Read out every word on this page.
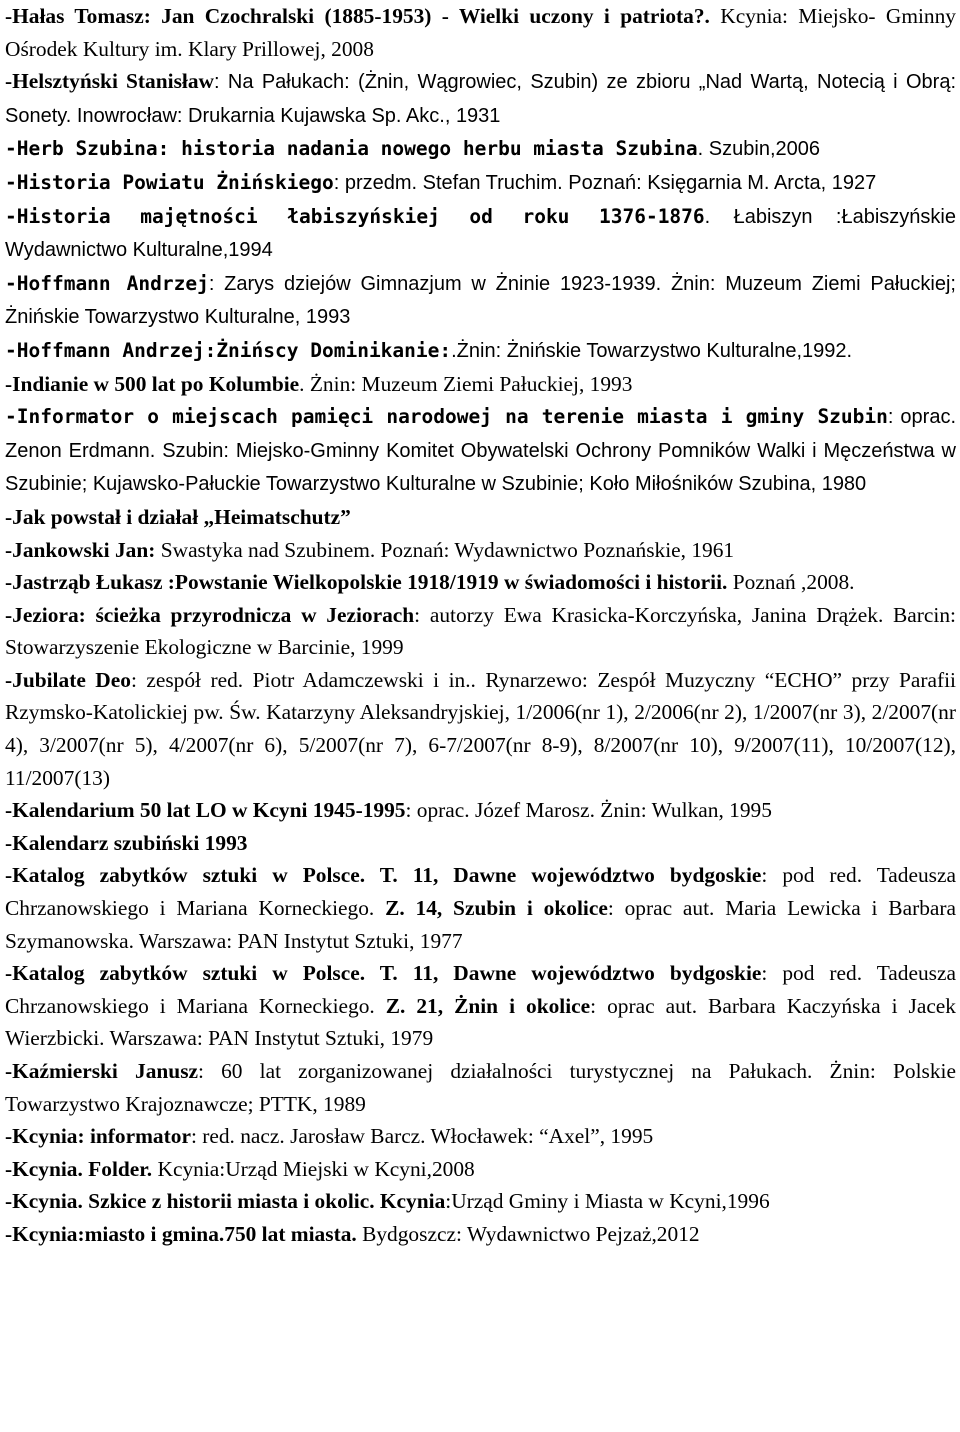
-Hałas Tomasz: Jan Czochralski (1885-1953) - Wielki uczony i patriota?. Kcynia: Miejsko- Gminny Ośrodek Kultury im. Klary Prillowej, 2008

-Helsztyński Stanisław: Na Pałukach: (Żnin, Wągrowiec, Szubin) ze zbioru „Nad Wartą, Notecią i Obrą: Sonety. Inowrocław: Drukarnia Kujawska Sp. Akc., 1931

-Herb Szubina: historia nadania nowego herbu miasta Szubina. Szubin,2006

-Historia Powiatu Żnińskiego: przedm. Stefan Truchim. Poznań: Księgarnia M. Arcta, 1927

-Historia majętności łabiszyńskiej od roku 1376-1876. Łabiszyn :Łabiszyńskie Wydawnictwo Kulturalne,1994

-Hoffmann Andrzej: Zarys dziejów Gimnazjum w Żninie 1923-1939. Żnin: Muzeum Ziemi Pałuckiej; Żnińskie Towarzystwo Kulturalne, 1993

-Hoffmann Andrzej:Żnińscy Dominikanie:.Żnin: Żnińskie Towarzystwo Kulturalne,1992.

-Indianie w 500 lat po Kolumbie. Żnin: Muzeum Ziemi Pałuckiej, 1993

-Informator o miejscach pamięci narodowej na terenie miasta i gminy Szubin: oprac. Zenon Erdmann. Szubin: Miejsko-Gminny Komitet Obywatelski Ochrony Pomników Walki i Męczeństwa w Szubinie; Kujawsko-Pałuckie Towarzystwo Kulturalne w Szubinie; Koło Miłośników Szubina, 1980

-Jak powstał i działał „Heimatschutz”

-Jankowski Jan: Swastyka nad Szubinem. Poznań: Wydawnictwo Poznańskie, 1961

-Jastrząb Łukasz :Powstanie Wielkopolskie 1918/1919 w świadomości i historii. Poznań ,2008.

-Jeziora: ścieżka przyrodnicza w Jeziorach: autorzy Ewa Krasicka-Korczyńska, Janina Drążek. Barcin: Stowarzyszenie Ekologiczne w Barcinie, 1999

-Jubilate Deo: zespół red. Piotr Adamczewski i in.. Rynarzewo: Zespół Muzyczny “ECHO” przy Parafii Rzymsko-Katolickiej pw. Św. Katarzyny Aleksandryjskiej, 1/2006(nr 1), 2/2006(nr 2), 1/2007(nr 3), 2/2007(nr 4), 3/2007(nr 5), 4/2007(nr 6), 5/2007(nr 7), 6-7/2007(nr 8-9), 8/2007(nr 10), 9/2007(11), 10/2007(12), 11/2007(13)

-Kalendarium 50 lat LO w Kcyni 1945-1995: oprac. Józef Marosz. Żnin: Wulkan, 1995

-Kalendarz szubiński 1993

-Katalog zabytków sztuki w Polsce. T. 11, Dawne województwo bydgoskie: pod red. Tadeusza Chrzanowskiego i Mariana Korneckiego. Z. 14, Szubin i okolice: oprac aut. Maria Lewicka i Barbara Szymanowska. Warszawa: PAN Instytut Sztuki, 1977

-Katalog zabytków sztuki w Polsce. T. 11, Dawne województwo bydgoskie: pod red. Tadeusza Chrzanowskiego i Mariana Korneckiego. Z. 21, Żnin i okolice: oprac aut. Barbara Kaczyńska i Jacek Wierzbicki. Warszawa: PAN Instytut Sztuki, 1979

-Kaźmierski Janusz: 60 lat zorganizowanej działalności turystycznej na Pałukach. Żnin: Polskie Towarzystwo Krajoznawcze; PTTK, 1989

-Kcynia: informator: red. nacz. Jarosław Barcz. Włocławek: “Axel”, 1995

-Kcynia. Folder. Kcynia:Urząd Miejski w Kcyni,2008

-Kcynia. Szkice z historii miasta i okolic. Kcynia:Urząd Gminy i Miasta w Kcyni,1996

-Kcynia:miasto i gmina.750 lat miasta. Bydgoszcz: Wydawnictwo Pejzaż,2012
